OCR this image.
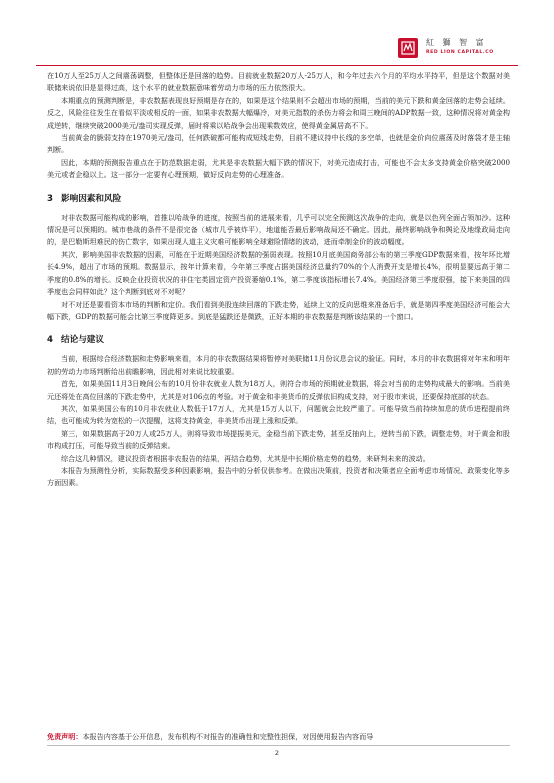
紅 獅 智 富
RED LION CAPITAL.CO

在10万人至25万人之间震荡调整，但整体还是回落的趋势。目前就业数据20万人-25万人，和今年过去六个月的平均水平持平，但是这个数据对美联储来说依旧是显得过高，这个水平的就业数据意味着劳动力市场的压力依然很大。

本期重点的预测判断是，非农数据表现良好预期是存在的，如果是这个结果则不会超出市场的预期，当前的美元下跌和黄金回落的走势会延续。反之，风险往往发生在看似平淡或相反的一面，如果非农数据大幅爆冷，对美元指数的杀伤力将会和周三晚间的ADP数据一致，这种情况将对黄金构成逆转，继续突破2000美元/盎司实现反弹，届时将乘以哈战争会出现乘数效应，使得黄金属居高不下。

当前黄金的脆弱支持在1970美元/盎司，任何跌破都可能构成短线走势，目前不建议持中长线的多空单，也就是金价向位震荡及时落袋才是主轴判断。

因此，本期的预测报告重点在于防范数据走弱，尤其是非农数据大幅下跌的情况下，对美元造成打击，可能也不会太多支持黄金价格突破2000美元或者企稳以上。这一部分一定要有心理预期，做好反向走势的心理准备。

3 影响因素和风险

对非农数据可能构成的影响，首推以哈战争的进度，按照当前的进展来看，几乎可以完全预测这次战争的走向，就是以色列全面占领加沙。这种情况是可以预期的。城市巷战的条件不是很完备（城市几乎被炸平），地道能否最后影响战局还不确定。因此，最终影响战争和舆论及地缘政局走向的，是巴勒斯坦难民的伤亡数字，如果出现人道主义灾难可能影响全球避险情绪的波动，进而牵制金价的波动幅度。

其次，影响美国非农数据的因素，可能在于近期美国经济数据的强弱表现。按照10月底美国商务部公布的第三季度GDP数据来看，按年环比增长4.9%，超出了市场的预期。数据显示，按年计算来看，今年第三季度占据美国经济总量约70%的个人消费开支是增长4%，很明显要远高于第二季度的0.8%的增长。反映企业投资状况的非住宅类固定资产投资萎缩0.1%，第二季度该指标增长7.4%。美国经济第三季度很强，接下来美国的四季度也会同样如此？这个判断到底对不对呢？

对不对还是要看资本市场的判断和定价。我们看到美股连续回落的下跌走势，延续上文的反向思维来准备后手，就是第四季度美国经济可能会大幅下跌，GDP的数据可能会比第三季度降更多。到底是猛跌还是微跌，正好本期的非农数据是判断该结果的一个窗口。

4 结论与建议

当前，根据综合经济数据和走势影响来看，本月的非农数据结果将暂停对美联储11月份议息会议的验证。同时，本月的非农数据将对年末和明年初的劳动力市场判断给出前瞻影响，因此相对来说比较重要。

首先，如果美国11月3日晚间公布的10月份非农就业人数为18万人，则符合市场的预期就业数据，将会对当前的走势构成最大的影响。当前美元还将处在高位回落的下跌走势中，尤其是对106点的考验。对于黄金和非美货币的反弹依旧构成支持，对于股市来说，还要保持底部的状态。

其次，如果美国公布的10月非农就业人数低于17万人，尤其是15万人以下，问题就会比较严重了。可能导致当前持续加息的货币进程提前终结，也可能成为转为宽松的一次提醒，这将支持黄金，非美货币出现上涨和反弹。

第三，如果数据高于20万人或25万人，则将导致市场提振美元，金稳当前下跌走势，甚至反抽向上，逆转当前下跌，调整走势，对于黄金和股市构成打压，可能导致当前的反弹结束。

综合这几种情况，建议投资者根据非农报告的结果，再结合趋势，尤其是中长期价格走势的趋势，来研判未来的波动。

本报告为预测性分析，实际数据受多种因素影响，报告中的分析仅供参考。在做出决策前，投资者和决策者应全面考虑市场情况、政策变化等多方面因素。

免责声明：本报告内容基于公开信息，发布机构不对报告的准确性和完整性担保，对因使用报告内容而导
2
